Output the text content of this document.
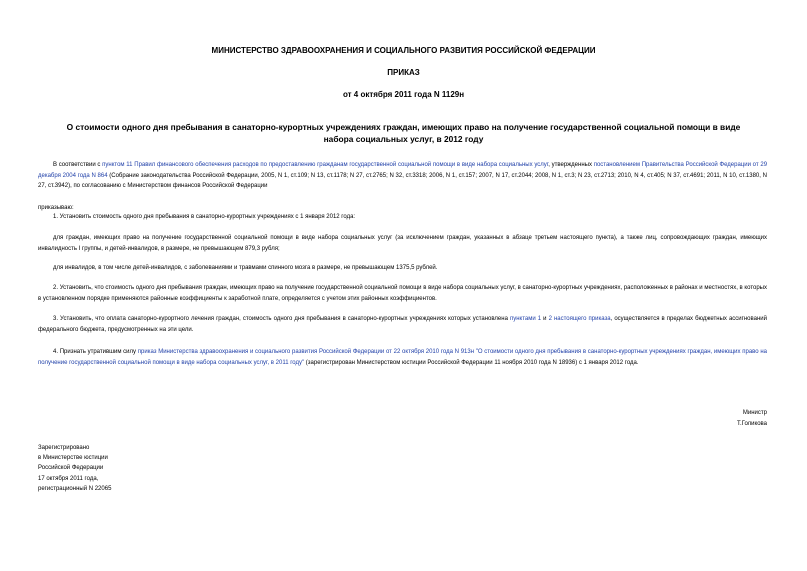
МИНИСТЕРСТВО ЗДРАВООХРАНЕНИЯ И СОЦИАЛЬНОГО РАЗВИТИЯ РОССИЙСКОЙ ФЕДЕРАЦИИ
ПРИКАЗ
от 4 октября 2011 года N 1129н
О стоимости одного дня пребывания в санаторно-курортных учреждениях граждан, имеющих право на получение государственной социальной помощи в виде набора социальных услуг, в 2012 году
В соответствии с пунктом 11 Правил финансового обеспечения расходов по предоставлению гражданам государственной социальной помощи в виде набора социальных услуг, утвержденных постановлением Правительства Российской Федерации от 29 декабря 2004 года N 864 (Собрание законодательства Российской Федерации, 2005, N 1, ст.109; N 13, ст.1178; N 27, ст.2765; N 32, ст.3318; 2006, N 1, ст.157; 2007, N 17, ст.2044; 2008, N 1, ст.3; N 23, ст.2713; 2010, N 4, ст.405; N 37, ст.4691; 2011, N 10, ст.1380, N 27, ст.3942), по согласованию с Министерством финансов Российской Федерации
приказываю:
1. Установить стоимость одного дня пребывания в санаторно-курортных учреждениях с 1 января 2012 года:
для граждан, имеющих право на получение государственной социальной помощи в виде набора социальных услуг (за исключением граждан, указанных в абзаце третьем настоящего пункта), а также лиц, сопровождающих граждан, имеющих инвалидность I группы, и детей-инвалидов, в размере, не превышающем 879,3 рубля;
для инвалидов, в том числе детей-инвалидов, с заболеваниями и травмами спинного мозга в размере, не превышающем 1375,5 рублей.
2. Установить, что стоимость одного дня пребывания граждан, имеющих право на получение государственной социальной помощи в виде набора социальных услуг, в санаторно-курортных учреждениях, расположенных в районах и местностях, в которых в установленном порядке применяются районные коэффициенты к заработной плате, определяется с учетом этих районных коэффициентов.
3. Установить, что оплата санаторно-курортного лечения граждан, стоимость одного дня пребывания в санаторно-курортных учреждениях которых установлена пунктами 1 и 2 настоящего приказа, осуществляется в пределах бюджетных ассигнований федерального бюджета, предусмотренных на эти цели.
4. Признать утратившим силу приказ Министерства здравоохранения и социального развития Российской Федерации от 22 октября 2010 года N 913н "О стоимости одного дня пребывания в санаторно-курортных учреждениях граждан, имеющих право на получение государственной социальной помощи в виде набора социальных услуг, в 2011 году" (зарегистрирован Министерством юстиции Российской Федерации 11 ноября 2010 года N 18936) с 1 января 2012 года.
Министр
Т.Голикова
Зарегистрировано
в Министерстве юстиции
Российской Федерации
17 октября 2011 года,
регистрационный N 22065
